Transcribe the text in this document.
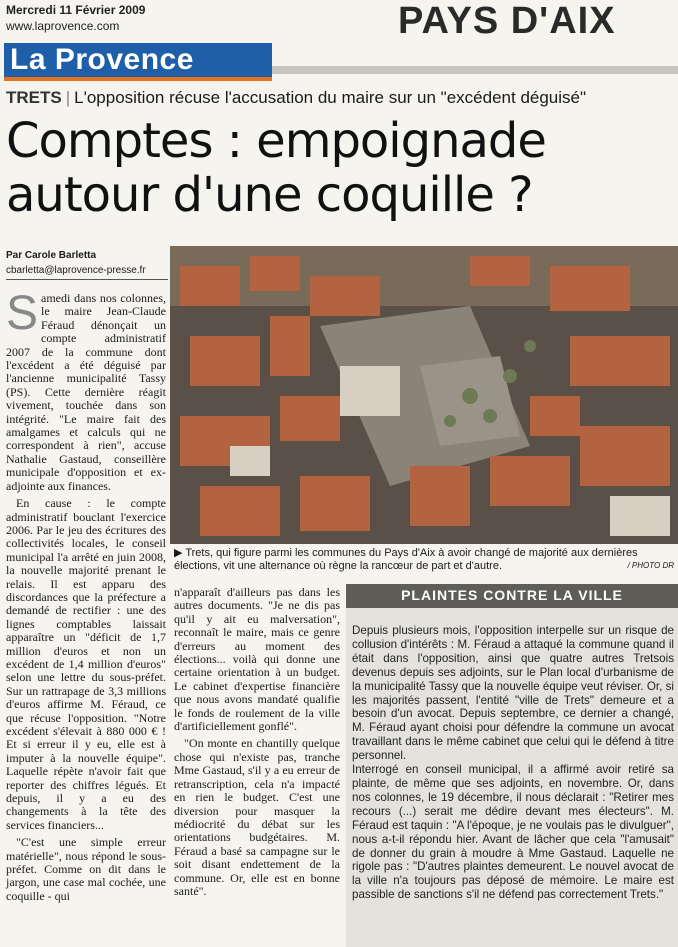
Mercredi 11 Février 2009
www.laprovence.com	PAYS D'AIX
La Provence
TRETS | L'opposition récuse l'accusation du maire sur un "excédent déguisé"
Comptes : empoignade
autour d'une coquille ?
Par Carole Barletta
cbarletta@laprovence-presse.fr
Samedi dans nos colonnes, le maire Jean-Claude Féraud dénonçait un compte administratif 2007 de la commune dont l'excédent a été déguisé par l'ancienne municipalité Tassy (PS). Cette dernière réagit vivement, touchée dans son intégrité. "Le maire fait des amalgames et calculs qui ne correspondent à rien", accuse Nathalie Gastaud, conseillère municipale d'opposition et ex-adjointe aux finances.
En cause : le compte administratif bouclant l'exercice 2006. Par le jeu des écritures des collectivités locales, le conseil municipal l'a arrêté en juin 2008, la nouvelle majorité prenant le relais. Il est apparu des discordances que la préfecture a demandé de rectifier : une des lignes comptables laissait apparaître un "déficit de 1,7 million d'euros et non un excédent de 1,4 million d'euros" selon une lettre du sous-préfet. Sur un rattrapage de 3,3 millions d'euros affirme M. Féraud, ce que récuse l'opposition. "Notre excédent s'élevait à 880 000 € ! Et si erreur il y eu, elle est à imputer à la nouvelle équipe". Laquelle répète n'avoir fait que reporter des chiffres légués. Et depuis, il y a eu des changements à la tête des services financiers...
"C'est une simple erreur matérielle", nous répond le sous-préfet. Comme on dit dans le jargon, une case mal cochée, une coquille - qui
▶ Trets, qui figure parmi les communes du Pays d'Aix à avoir changé de majorité aux dernières élections, vit une alternance où règne la rancœur de part et d'autre.	/ PHOTO DR
n'apparaît d'ailleurs pas dans les autres documents. "Je ne dis pas qu'il y ait eu malversation", reconnaît le maire, mais ce genre d'erreurs au moment des élections... voilà qui donne une certaine orientation à un budget. Le cabinet d'expertise financière que nous avons mandaté qualifie le fonds de roulement de la ville d'artificiellement gonflé".
"On monte en chantilly quelque chose qui n'existe pas, tranche Mme Gastaud, s'il y a eu erreur de retranscription, cela n'a impacté en rien le budget. C'est une diversion pour masquer la médiocrité du débat sur les orientations budgétaires. M. Féraud a basé sa campagne sur le soit disant endettement de la commune. Or, elle est en bonne santé".
PLAINTES CONTRE LA VILLE
Depuis plusieurs mois, l'opposition interpelle sur un risque de collusion d'intérêts : M. Féraud a attaqué la commune quand il était dans l'opposition, ainsi que quatre autres Tretsois devenus depuis ses adjoints, sur le Plan local d'urbanisme de la municipalité Tassy que la nouvelle équipe veut réviser. Or, si les majorités passent, l'entité "ville de Trets" demeure et a besoin d'un avocat. Depuis septembre, ce dernier a changé, M. Féraud ayant choisi pour défendre la commune un avocat travaillant dans le même cabinet que celui qui le défend à titre personnel.
Interrogé en conseil municipal, il a affirmé avoir retiré sa plainte, de même que ses adjoints, en novembre. Or, dans nos colonnes, le 19 décembre, il nous déclarait : "Retirer mes recours (...) serait me dédire devant mes électeurs". M. Féraud est taquin : "A l'époque, je ne voulais pas le divulguer", nous a-t-il répondu hier. Avant de lâcher que cela "l'amusait" de donner du grain à moudre à Mme Gastaud. Laquelle ne rigole pas : "D'autres plaintes demeurent. Le nouvel avocat de la ville n'a toujours pas déposé de mémoire. Le maire est passible de sanctions s'il ne défend pas correctement Trets."
